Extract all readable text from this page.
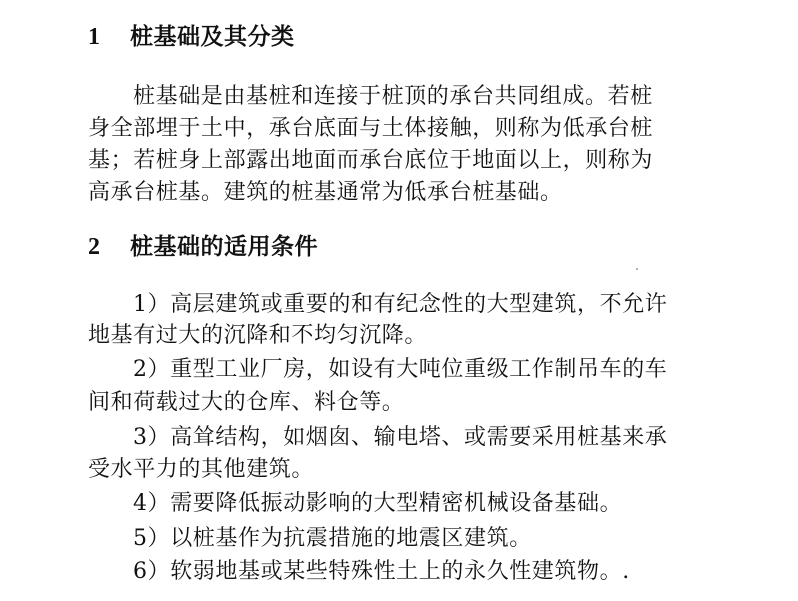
1 桩基础及其分类
桩基础是由基桩和连接于桩顶的承台共同组成。若桩
身全部埋于土中，承台底面与土体接触，则称为低承台桩
基；若桩身上部露出地面而承台底位于地面以上，则称为
高承台桩基。建筑的桩基通常为低承台桩基础。
2 桩基础的适用条件
1）高层建筑或重要的和有纪念性的大型建筑，不允许
地基有过大的沉降和不均匀沉降。
2）重型工业厂房，如设有大吨位重级工作制吊车的车
间和荷载过大的仓库、料仓等。
3）高耸结构，如烟囱、输电塔、或需要采用桩基来承
受水平力的其他建筑。
4）需要降低振动影响的大型精密机械设备基础。
5）以桩基作为抗震措施的地震区建筑。
6）软弱地基或某些特殊性土上的永久性建筑物。.
